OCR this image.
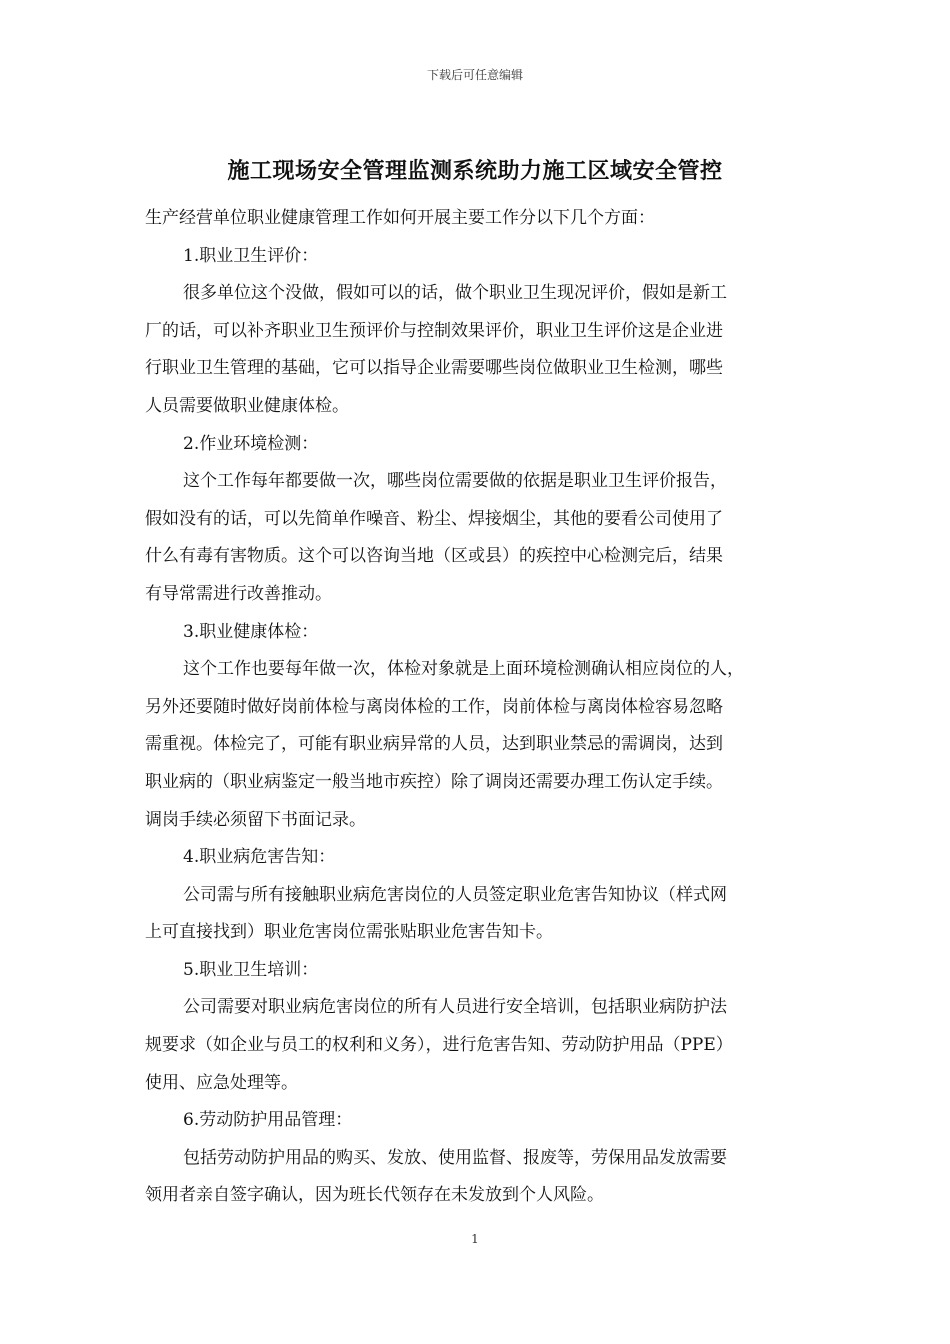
下载后可任意编辑
施工现场安全管理监测系统助力施工区域安全管控
生产经营单位职业健康管理工作如何开展主要工作分以下几个方面：
1.职业卫生评价：
很多单位这个没做，假如可以的话，做个职业卫生现况评价，假如是新工
厂的话，可以补齐职业卫生预评价与控制效果评价，职业卫生评价这是企业进
行职业卫生管理的基础，它可以指导企业需要哪些岗位做职业卫生检测，哪些
人员需要做职业健康体检。
2.作业环境检测：
这个工作每年都要做一次，哪些岗位需要做的依据是职业卫生评价报告，
假如没有的话，可以先简单作噪音、粉尘、焊接烟尘，其他的要看公司使用了
什么有毒有害物质。这个可以咨询当地（区或县）的疾控中心检测完后，结果
有导常需进行改善推动。
3.职业健康体检：
这个工作也要每年做一次，体检对象就是上面环境检测确认相应岗位的人，
另外还要随时做好岗前体检与离岗体检的工作，岗前体检与离岗体检容易忽略
需重视。体检完了，可能有职业病异常的人员，达到职业禁忌的需调岗，达到
职业病的（职业病鉴定一般当地市疾控）除了调岗还需要办理工伤认定手续。
调岗手续必须留下书面记录。
4.职业病危害告知：
公司需与所有接触职业病危害岗位的人员签定职业危害告知协议（样式网
上可直接找到）职业危害岗位需张贴职业危害告知卡。
5.职业卫生培训：
公司需要对职业病危害岗位的所有人员进行安全培训，包括职业病防护法
规要求（如企业与员工的权利和义务），进行危害告知、劳动防护用品（PPE）
使用、应急处理等。
6.劳动防护用品管理：
包括劳动防护用品的购买、发放、使用监督、报废等，劳保用品发放需要
领用者亲自签字确认，因为班长代领存在未发放到个人风险。
1
